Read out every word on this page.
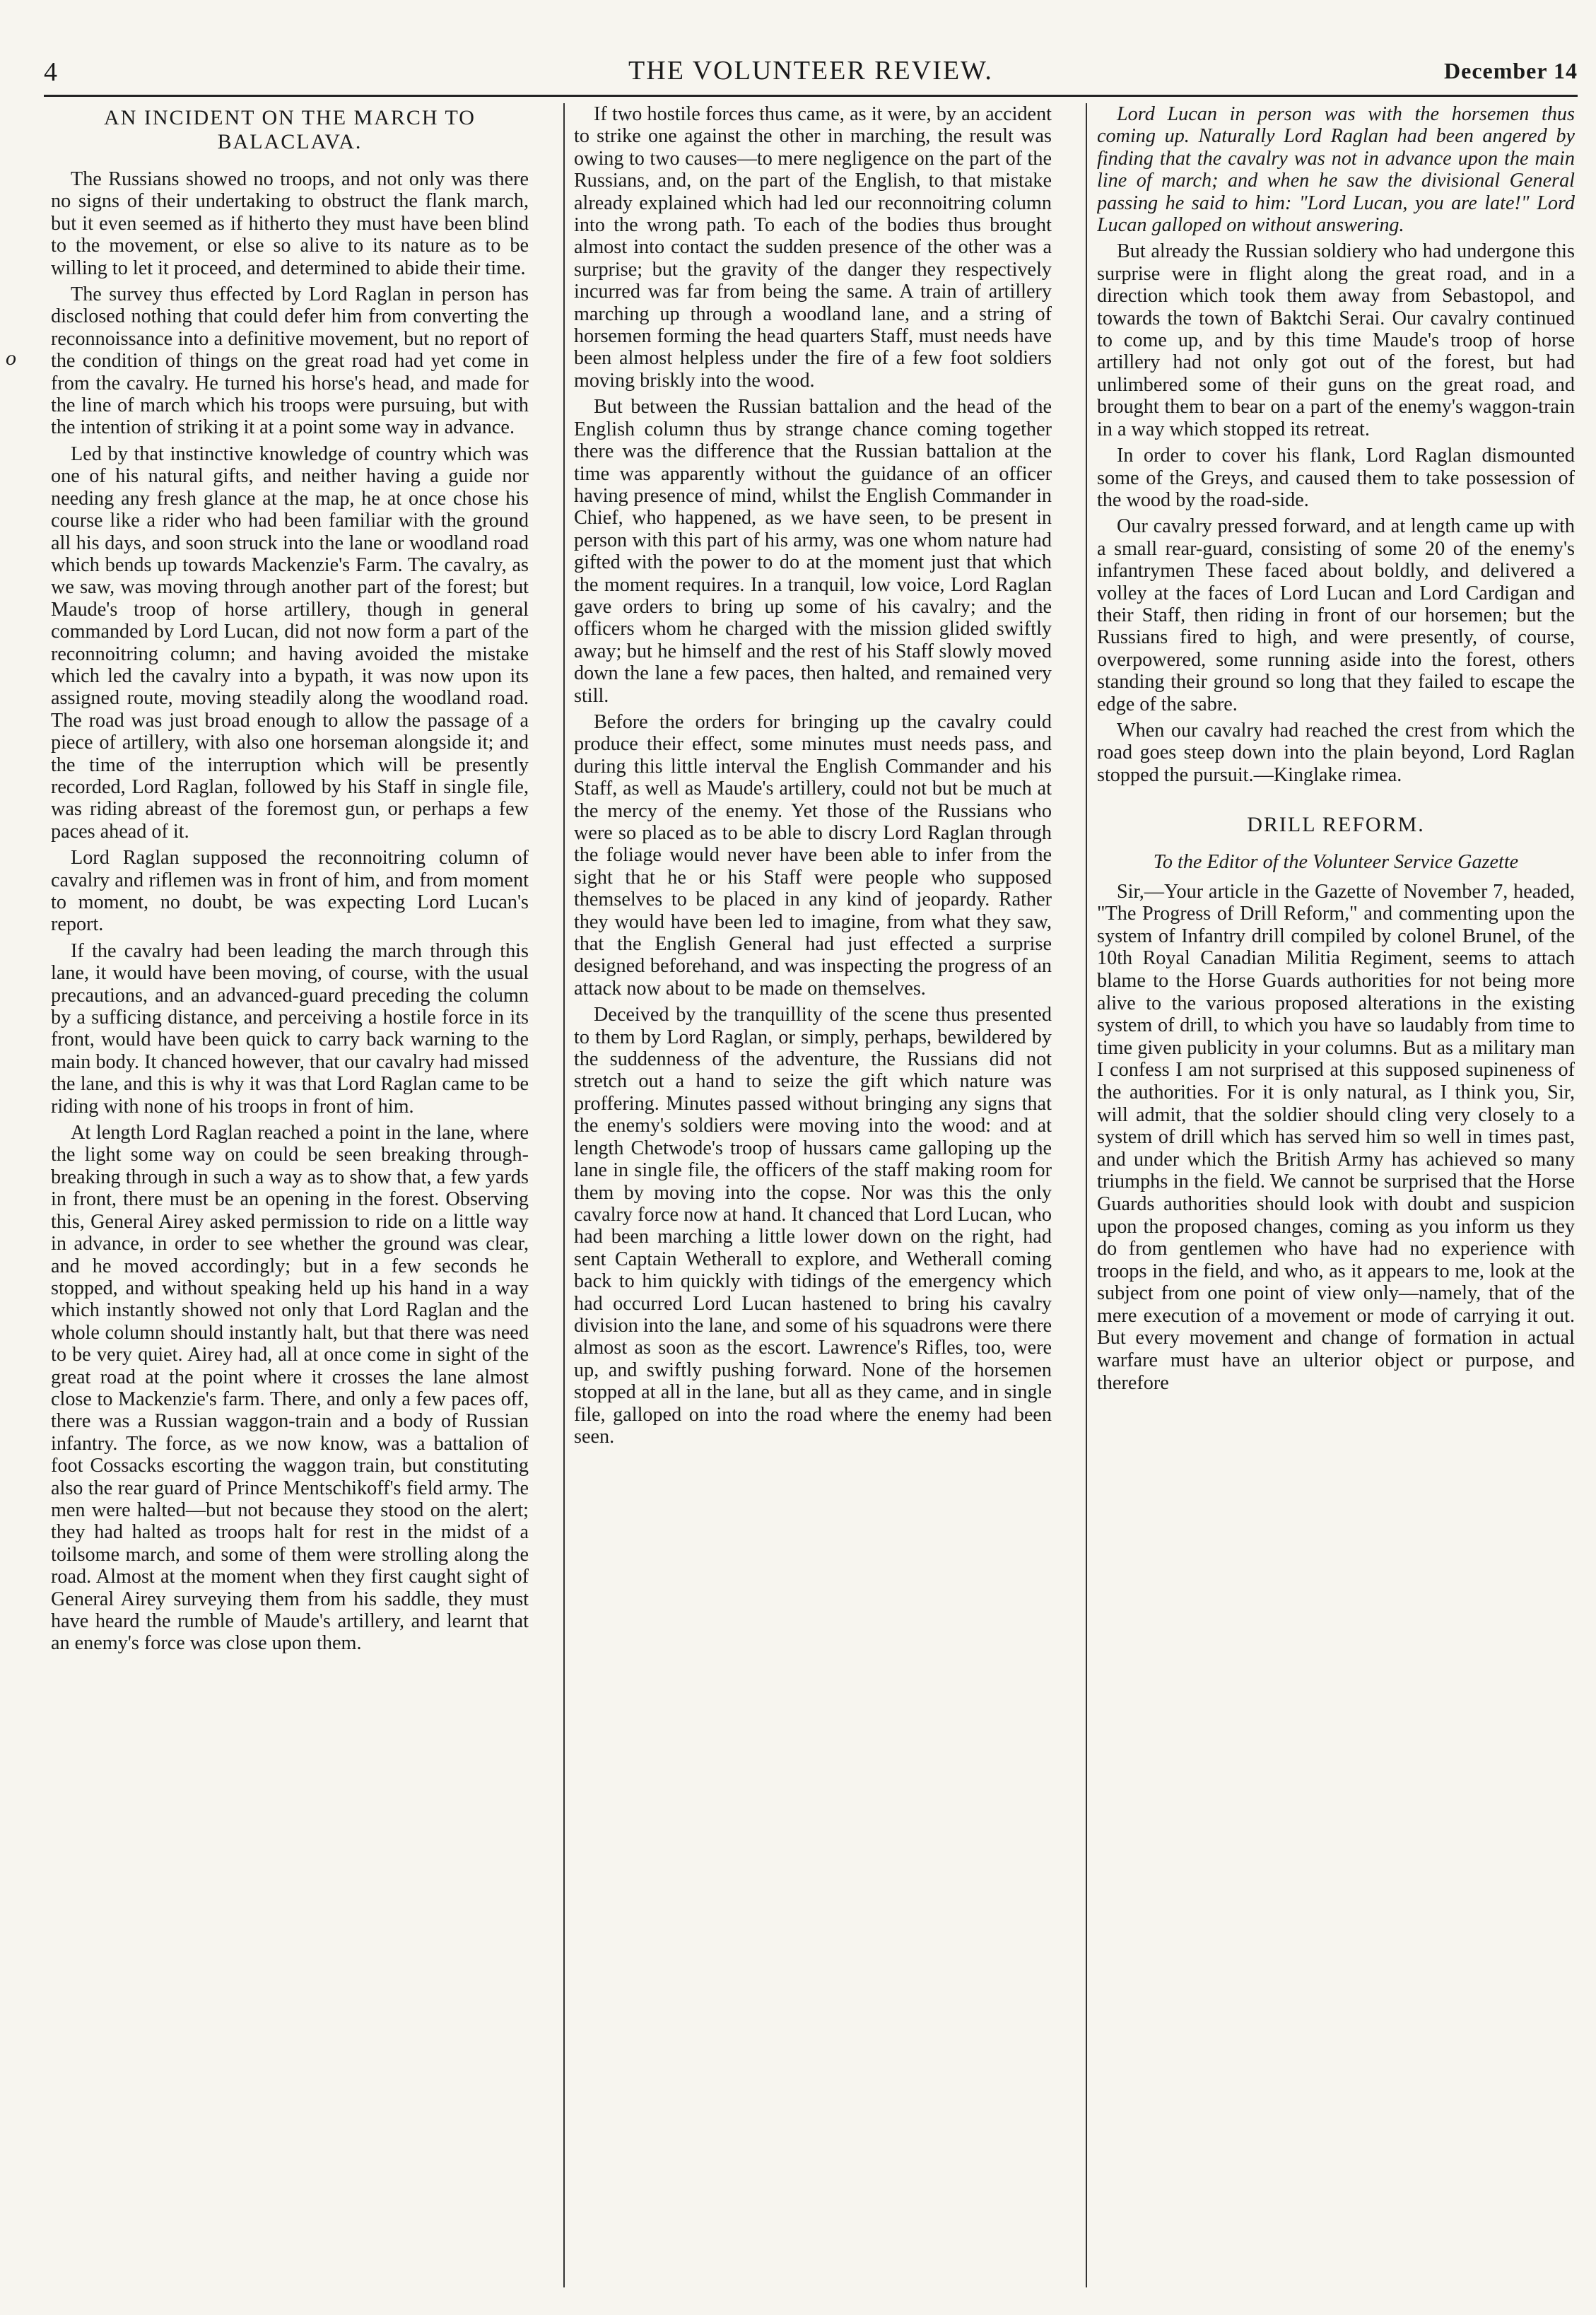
4	THE VOLUNTEER REVIEW.	December 14
o
AN INCIDENT ON THE MARCH TO BALACLAVA.

The Russians showed no troops, and not only was there no signs of their undertaking to obstruct the flank march, but it even seemed as if hitherto they must have been blind to the movement, or else so alive to its nature as to be willing to let it proceed, and determined to abide their time.

The survey thus effected by Lord Raglan in person has disclosed nothing that could defer him from converting the reconnoissance into a definitive movement, but no report of the condition of things on the great road had yet come in from the cavalry. He turned his horse's head, and made for the line of march which his troops were pursuing, but with the intention of striking it at a point some way in advance.

Led by that instinctive knowledge of country which was one of his natural gifts, and neither having a guide nor needing any fresh glance at the map, he at once chose his course like a rider who had been familiar with the ground all his days, and soon struck into the lane or woodland road which bends up towards Mackenzie's Farm. The cavalry, as we saw, was moving through another part of the forest; but Maude's troop of horse artillery, though in general commanded by Lord Lucan, did not now form a part of the reconnoitring column; and having avoided the mistake which led the cavalry into a bypath, it was now upon its assigned route, moving steadily along the woodland road. The road was just broad enough to allow the passage of a piece of artillery, with also one horseman alongside it; and the time of the interruption which will be presently recorded, Lord Raglan, followed by his Staff in single file, was riding abreast of the foremost gun, or perhaps a few paces ahead of it.

Lord Raglan supposed the reconnoitring column of cavalry and riflemen was in front of him, and from moment to moment, no doubt, be was expecting Lord Lucan's report.

If the cavalry had been leading the march through this lane, it would have been moving, of course, with the usual precautions, and an advanced-guard preceding the column by a sufficing distance, and perceiving a hostile force in its front, would have been quick to carry back warning to the main body. It chanced however, that our cavalry had missed the lane, and this is why it was that Lord Raglan came to be riding with none of his troops in front of him.

At length Lord Raglan reached a point in the lane, where the light some way on could be seen breaking through-breaking through in such a way as to show that, a few yards in front, there must be an opening in the forest. Observing this, General Airey asked permission to ride on a little way in advance, in order to see whether the ground was clear, and he moved accordingly; but in a few seconds he stopped, and without speaking held up his hand in a way which instantly showed not only that Lord Raglan and the whole column should instantly halt, but that there was need to be very quiet. Airey had, all at once come in sight of the great road at the point where it crosses the lane almost close to Mackenzie's farm. There, and only a few paces off, there was a Russian waggon-train and a body of Russian infantry. The force, as we now know, was a battalion of foot Cossacks escorting the waggon train, but constituting also the rear guard of Prince Mentschikoff's field army. The men were halted—but not because they stood on the alert; they had halted as troops halt for rest in the midst of a toilsome march, and some of them were strolling along the road. Almost at the moment when they first caught sight of General Airey surveying them from his saddle, they must have heard the rumble of Maude's artillery, and learnt that an enemy's force was close upon them.

If two hostile forces thus came, as it were, by an accident to strike one against the other in marching, the result was owing to two causes—to mere negligence on the part of the Russians, and, on the part of the English, to that mistake already explained which had led our reconnoitring column into the wrong path. To each of the bodies thus brought almost into contact the sudden presence of the other was a surprise; but the gravity of the danger they respectively incurred was far from being the same. A train of artillery marching up through a woodland lane, and a string of horsemen forming the head quarters Staff, must needs have been almost helpless under the fire of a few foot soldiers moving briskly into the wood.

But between the Russian battalion and the head of the English column thus by strange chance coming together there was the difference that the Russian battalion at the time was apparently without the guidance of an officer having presence of mind, whilst the English Commander in Chief, who happened, as we have seen, to be present in person with this part of his army, was one whom nature had gifted with the power to do at the moment just that which the moment requires. In a tranquil, low voice, Lord Raglan gave orders to bring up some of his cavalry; and the officers whom he charged with the mission glided swiftly away; but he himself and the rest of his Staff slowly moved down the lane a few paces, then halted, and remained very still.

Before the orders for bringing up the cavalry could produce their effect, some minutes must needs pass, and during this little interval the English Commander and his Staff, as well as Maude's artillery, could not but be much at the mercy of the enemy. Yet those of the Russians who were so placed as to be able to discry Lord Raglan through the foliage would never have been able to infer from the sight that he or his Staff were people who supposed themselves to be placed in any kind of jeopardy. Rather they would have been led to imagine, from what they saw, that the English General had just effected a surprise designed beforehand, and was inspecting the progress of an attack now about to be made on themselves.

Deceived by the tranquillity of the scene thus presented to them by Lord Raglan, or simply, perhaps, bewildered by the suddenness of the adventure, the Russians did not stretch out a hand to seize the gift which nature was proffering. Minutes passed without bringing any signs that the enemy's soldiers were moving into the wood: and at length Chetwode's troop of hussars came galloping up the lane in single file, the officers of the staff making room for them by moving into the copse. Nor was this the only cavalry force now at hand. It chanced that Lord Lucan, who had been marching a little lower down on the right, had sent Captain Wetherall to explore, and Wetherall coming back to him quickly with tidings of the emergency which had occurred Lord Lucan hastened to bring his cavalry division into the lane, and some of his squadrons were there almost as soon as the escort. Lawrence's Rifles, too, were up, and swiftly pushing forward. None of the horsemen stopped at all in the lane, but all as they came, and in single file, galloped on into the road where the enemy had been seen.

Lord Lucan in person was with the horsemen thus coming up. Naturally Lord Raglan had been angered by finding that the cavalry was not in advance upon the main line of march; and when he saw the divisional General passing he said to him: "Lord Lucan, you are late!" Lord Lucan galloped on without answering.

But already the Russian soldiery who had undergone this surprise were in flight along the great road, and in a direction which took them away from Sebastopol, and towards the town of Baktchi Serai. Our cavalry continued to come up, and by this time Maude's troop of horse artillery had not only got out of the forest, but had unlimbered some of their guns on the great road, and brought them to bear on a part of the enemy's waggon-train in a way which stopped its retreat.

In order to cover his flank, Lord Raglan dismounted some of the Greys, and caused them to take possession of the wood by the road-side.

Our cavalry pressed forward, and at length came up with a small rear-guard, consisting of some 20 of the enemy's infantrymen These faced about boldly, and delivered a volley at the faces of Lord Lucan and Lord Cardigan and their Staff, then riding in front of our horsemen; but the Russians fired to high, and were presently, of course, overpowered, some running aside into the forest, others standing their ground so long that they failed to escape the edge of the sabre.

When our cavalry had reached the crest from which the road goes steep down into the plain beyond, Lord Raglan stopped the pursuit.—Kinglake rimea.

DRILL REFORM.

To the Editor of the Volunteer Service Gazette

Sir,—Your article in the Gazette of November 7, headed, "The Progress of Drill Reform," and commenting upon the system of Infantry drill compiled by colonel Brunel, of the 10th Royal Canadian Militia Regiment, seems to attach blame to the Horse Guards authorities for not being more alive to the various proposed alterations in the existing system of drill, to which you have so laudably from time to time given publicity in your columns. But as a military man I confess I am not surprised at this supposed supineness of the authorities. For it is only natural, as I think you, Sir, will admit, that the soldier should cling very closely to a system of drill which has served him so well in times past, and under which the British Army has achieved so many triumphs in the field. We cannot be surprised that the Horse Guards authorities should look with doubt and suspicion upon the proposed changes, coming as you inform us they do from gentlemen who have had no experience with troops in the field, and who, as it appears to me, look at the subject from one point of view only—namely, that of the mere execution of a movement or mode of carrying it out. But every movement and change of formation in actual warfare must have an ulterior object or purpose, and therefore
